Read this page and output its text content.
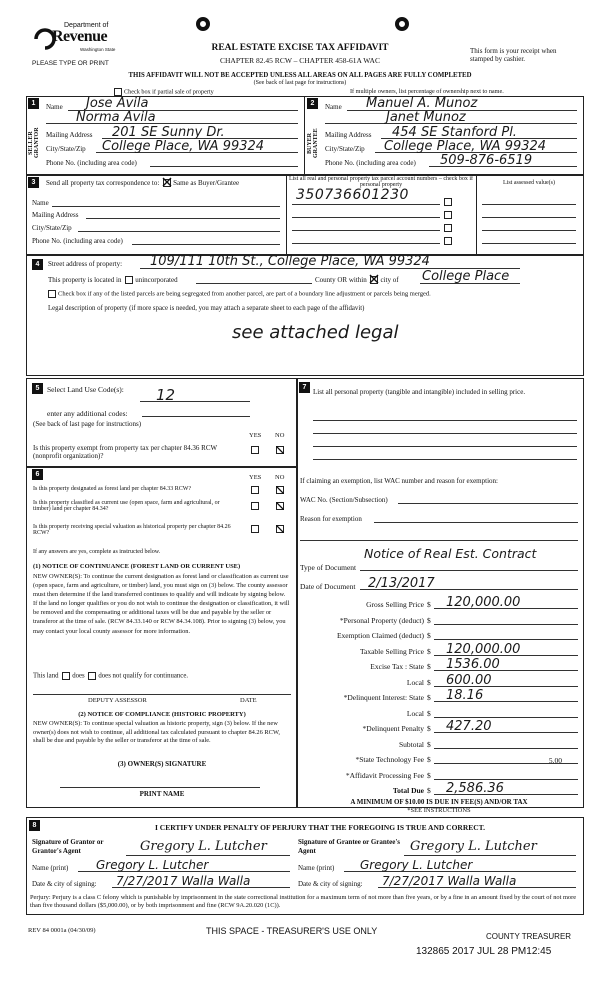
Department of
Revenue
Washington State
PLEASE TYPE OR PRINT
REAL ESTATE EXCISE TAX AFFIDAVIT
CHAPTER 82.45 RCW – CHAPTER 458-61A WAC
This form is your receipt when stamped by cashier.
THIS AFFIDAVIT WILL NOT BE ACCEPTED UNLESS ALL AREAS ON ALL PAGES ARE FULLY COMPLETED
(See back of last page for instructions)
Check box if partial sale of property	If multiple owners, list percentage of ownership next to name.
1
SELLER GRANTOR
2
BUYER GRANTEE
Name Jose Avila
Norma Avila
Mailing Address 201 SE Sunny Dr.
City/State/Zip College Place, WA 99324
Phone No. (including area code)
Name Manuel A. Munoz
Janet Munoz
Mailing Address 454 SE Stanford Pl.
City/State/Zip College Place, WA 99324
Phone No. (including area code) 509-876-6519
3	Send all property tax correspondence to: Same as Buyer/Grantee
Name
Mailing Address
City/State/Zip
Phone No. (including area code)
List all real and personal property tax parcel account numbers – check box if personal property	List assessed value(s)
350736601230
4	Street address of property: 109/111 10th St., College Place, WA 99324
This property is located in unincorporated	County OR within city of College Place
Check box if any of the listed parcels are being segregated from another parcel, are part of a boundary line adjustment or parcels being merged.
Legal description of property (if more space is needed, you may attach a separate sheet to each page of the affidavit)
see attached legal
5	Select Land Use Code(s): 12
enter any additional codes:
(See back of last page for instructions)
YES NO
Is this property exempt from property tax per chapter 84.36 RCW (nonprofit organization)?
6	YES NO
Is this property designated as forest land per chapter 84.33 RCW?
Is this property classified as current use (open space, farm and agricultural, or timber) land per chapter 84.34?
Is this property receiving special valuation as historical property per chapter 84.26 RCW?
If any answers are yes, complete as instructed below.
(1) NOTICE OF CONTINUANCE (FOREST LAND OR CURRENT USE)
NEW OWNER(S): To continue the current designation as forest land or classification as current use (open space, farm and agriculture, or timber) land, you must sign on (3) below. The county assessor must then determine if the land transferred continues to qualify and will indicate by signing below. If the land no longer qualifies or you do not wish to continue the designation or classification, it will be removed and the compensating or additional taxes will be due and payable by the seller or transferor at the time of sale. (RCW 84.33.140 or RCW 84.34.108). Prior to signing (3) below, you may contact your local county assessor for more information.
This land does does not qualify for continuance.
DEPUTY ASSESSOR	DATE
(2) NOTICE OF COMPLIANCE (HISTORIC PROPERTY)
NEW OWNER(S): To continue special valuation as historic property, sign (3) below. If the new owner(s) does not wish to continue, all additional tax calculated pursuant to chapter 84.26 RCW, shall be due and payable by the seller or transferor at the time of sale.
(3) OWNER(S) SIGNATURE
PRINT NAME
7
List all personal property (tangible and intangible) included in selling price.
If claiming an exemption, list WAC number and reason for exemption:
WAC No. (Section/Subsection)
Reason for exemption
Type of Document
Notice of Real Est. Contract
Date of Document 2/13/2017
Gross Selling Price $ 120,000.00
*Personal Property (deduct) $
Exemption Claimed (deduct) $
Taxable Selling Price $ 120,000.00
Excise Tax : State $ 1536.00
Local $ 600.00
*Delinquent Interest: State $ 18.16
Local $
*Delinquent Penalty $ 427.20
Subtotal $
*State Technology Fee $	5.00
*Affidavit Processing Fee $
Total Due $ 2,586.36
A MINIMUM OF $10.00 IS DUE IN FEE(S) AND/OR TAX
*SEE INSTRUCTIONS
8	I CERTIFY UNDER PENALTY OF PERJURY THAT THE FOREGOING IS TRUE AND CORRECT.
Signature of Grantor or Grantor's Agent	Gregory L. Lutcher
Name (print) Gregory L. Lutcher
Date & city of signing: 7/27/2017 Walla Walla
Signature of Grantee or Grantee's Agent	Gregory L. Lutcher
Name (print) Gregory L. Lutcher
Date & city of signing: 7/27/2017 Walla Walla
Perjury: Perjury is a class C felony which is punishable by imprisonment in the state correctional institution for a maximum term of not more than five years, or by a fine in an amount fixed by the court of not more than five thousand dollars ($5,000.00), or by both imprisonment and fine (RCW 9A.20.020 (1C)).
REV 84 0001a (04/30/09)	THIS SPACE - TREASURER'S USE ONLY
COUNTY TREASURER
132865 2017 JUL 28 PM12:45
